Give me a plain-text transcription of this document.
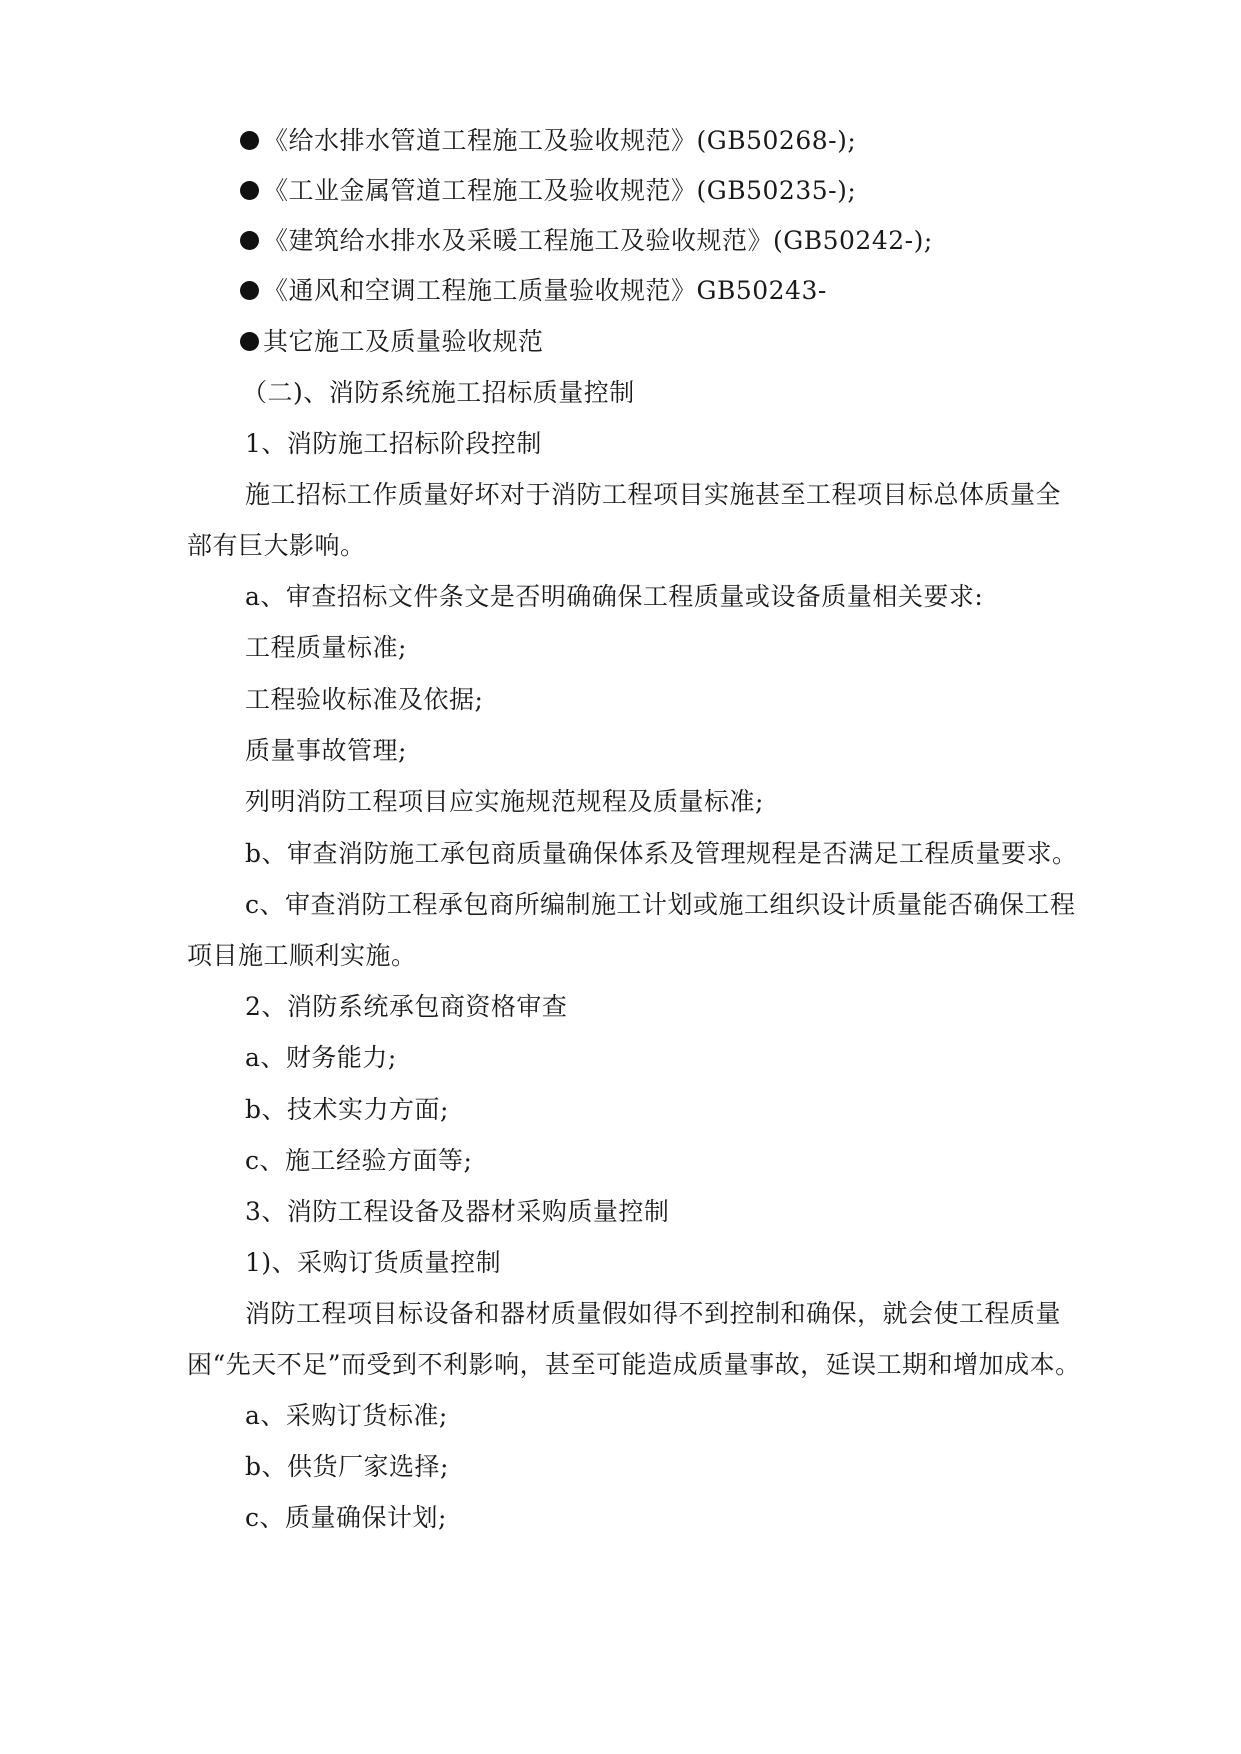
《给水排水管道工程施工及验收规范》(GB50268-);
《工业金属管道工程施工及验收规范》(GB50235-);
《建筑给水排水及采暖工程施工及验收规范》(GB50242-);
《通风和空调工程施工质量验收规范》GB50243-
其它施工及质量验收规范
（二)、消防系统施工招标质量控制
1、消防施工招标阶段控制
施工招标工作质量好坏对于消防工程项目实施甚至工程项目标总体质量全
部有巨大影响。
a、审查招标文件条文是否明确确保工程质量或设备质量相关要求:
工程质量标准;
工程验收标准及依据;
质量事故管理;
列明消防工程项目应实施规范规程及质量标准;
b、审查消防施工承包商质量确保体系及管理规程是否满足工程质量要求。
c、审查消防工程承包商所编制施工计划或施工组织设计质量能否确保工程
项目施工顺利实施。
2、消防系统承包商资格审查
a、财务能力;
b、技术实力方面;
c、施工经验方面等;
3、消防工程设备及器材采购质量控制
1)、采购订货质量控制
消防工程项目标设备和器材质量假如得不到控制和确保，就会使工程质量
困“先天不足”而受到不利影响，甚至可能造成质量事故，延误工期和增加成本。
a、采购订货标准;
b、供货厂家选择;
c、质量确保计划;
